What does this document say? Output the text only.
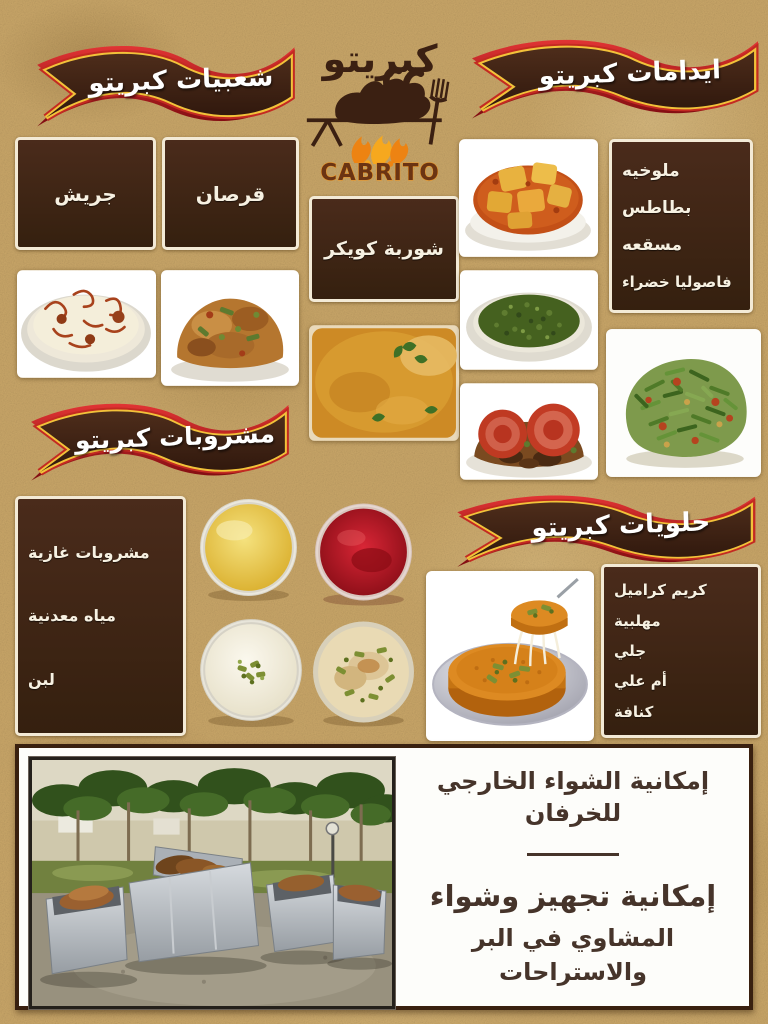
كبريتو
CABRITO
شعبيات كبريتو	ايدامات كبريتو
مشروبات كبريتو
حلويات كبريتو
جريش	قرصان
شوربة كويكر
ملوخيه
بطاطس
مسقعه
فاصوليا خضراء
مشروبات غازية
مياه معدنية
لبن
كريم كراميل
مهلبية
جلي
أم علي
كنافة
إمكانية الشواء الخارجي للخرفان
إمكانية تجهيز وشواء
المشاوي في البر والاستراحات
